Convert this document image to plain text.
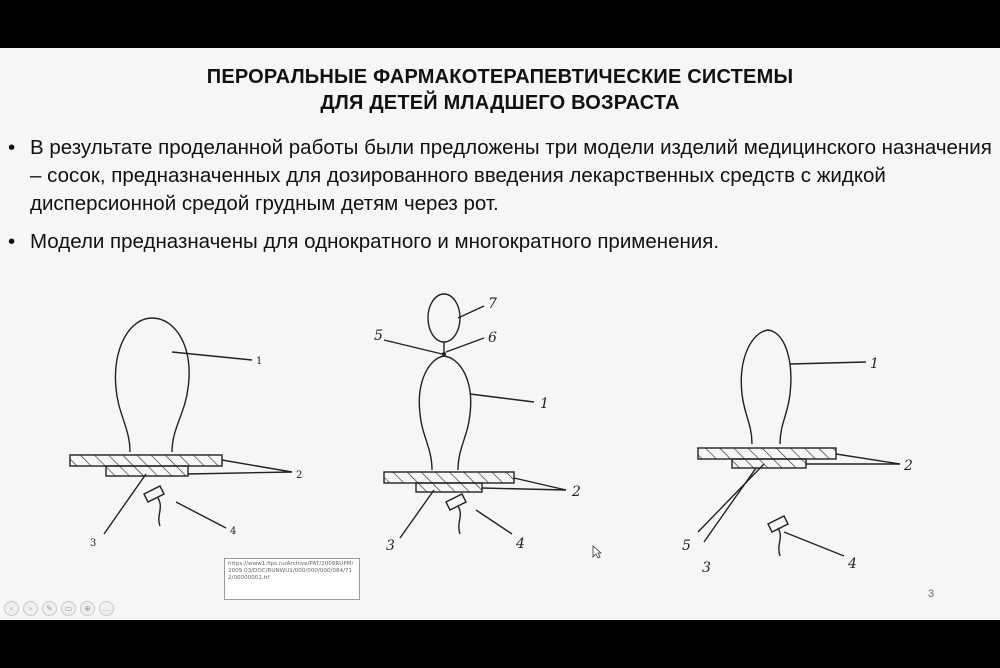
ПЕРОРАЛЬНЫЕ ФАРМАКОТЕРАПЕВТИЧЕСКИЕ СИСТЕМЫ
ДЛЯ ДЕТЕЙ МЛАДШЕГО ВОЗРАСТА
• В результате проделанной работы были предложены три модели изделий медицинского назначения – сосок, предназначенных для дозированного введения лекарственных средств с жидкой дисперсионной средой грудным детям через рот.
• Модели предназначены для однократного и многократного применения.
1
2
3
4
7
5	6
1
2
3	4
1
2
5
3	4
https://www1.fips.ru/Archive/PAT/2009RUPM/2009.03/DOC/RUNWU1/000/000/000/084/712/00000001.tif
3
‹	›	✎	▭	⊕	…
